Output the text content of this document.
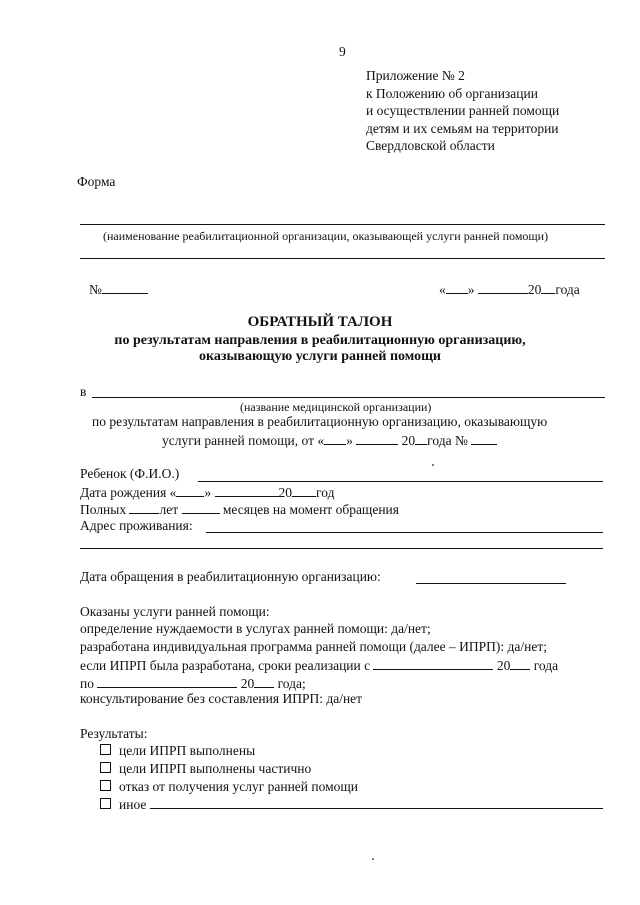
9
Приложение № 2
к Положению об организации
и осуществлении ранней помощи
детям и их семьям на территории
Свердловской области
Форма
(наименование реабилитационной организации, оказывающей услуги ранней помощи)
№	« »	20 года
ОБРАТНЫЙ ТАЛОН
по результатам направления в реабилитационную организацию,
оказывающую услуги ранней помощи
в
(название медицинской организации)
по результатам направления в реабилитационную организацию, оказывающую
услуги ранней помощи, от « »	20 года №
Ребенок (Ф.И.О.)
Дата рождения « »	20 год
Полных лет	месяцев на момент обращения
Адрес проживания:
Дата обращения в реабилитационную организацию:
Оказаны услуги ранней помощи:
определение нуждаемости в услугах ранней помощи: да/нет;
разработана индивидуальная программа ранней помощи (далее – ИПРП): да/нет;
если ИПРП была разработана, сроки реализации с	20 года
по	20 года;
консультирование без составления ИПРП: да/нет
Результаты:
цели ИПРП выполнены
цели ИПРП выполнены частично
отказ от получения услуг ранней помощи
иное
